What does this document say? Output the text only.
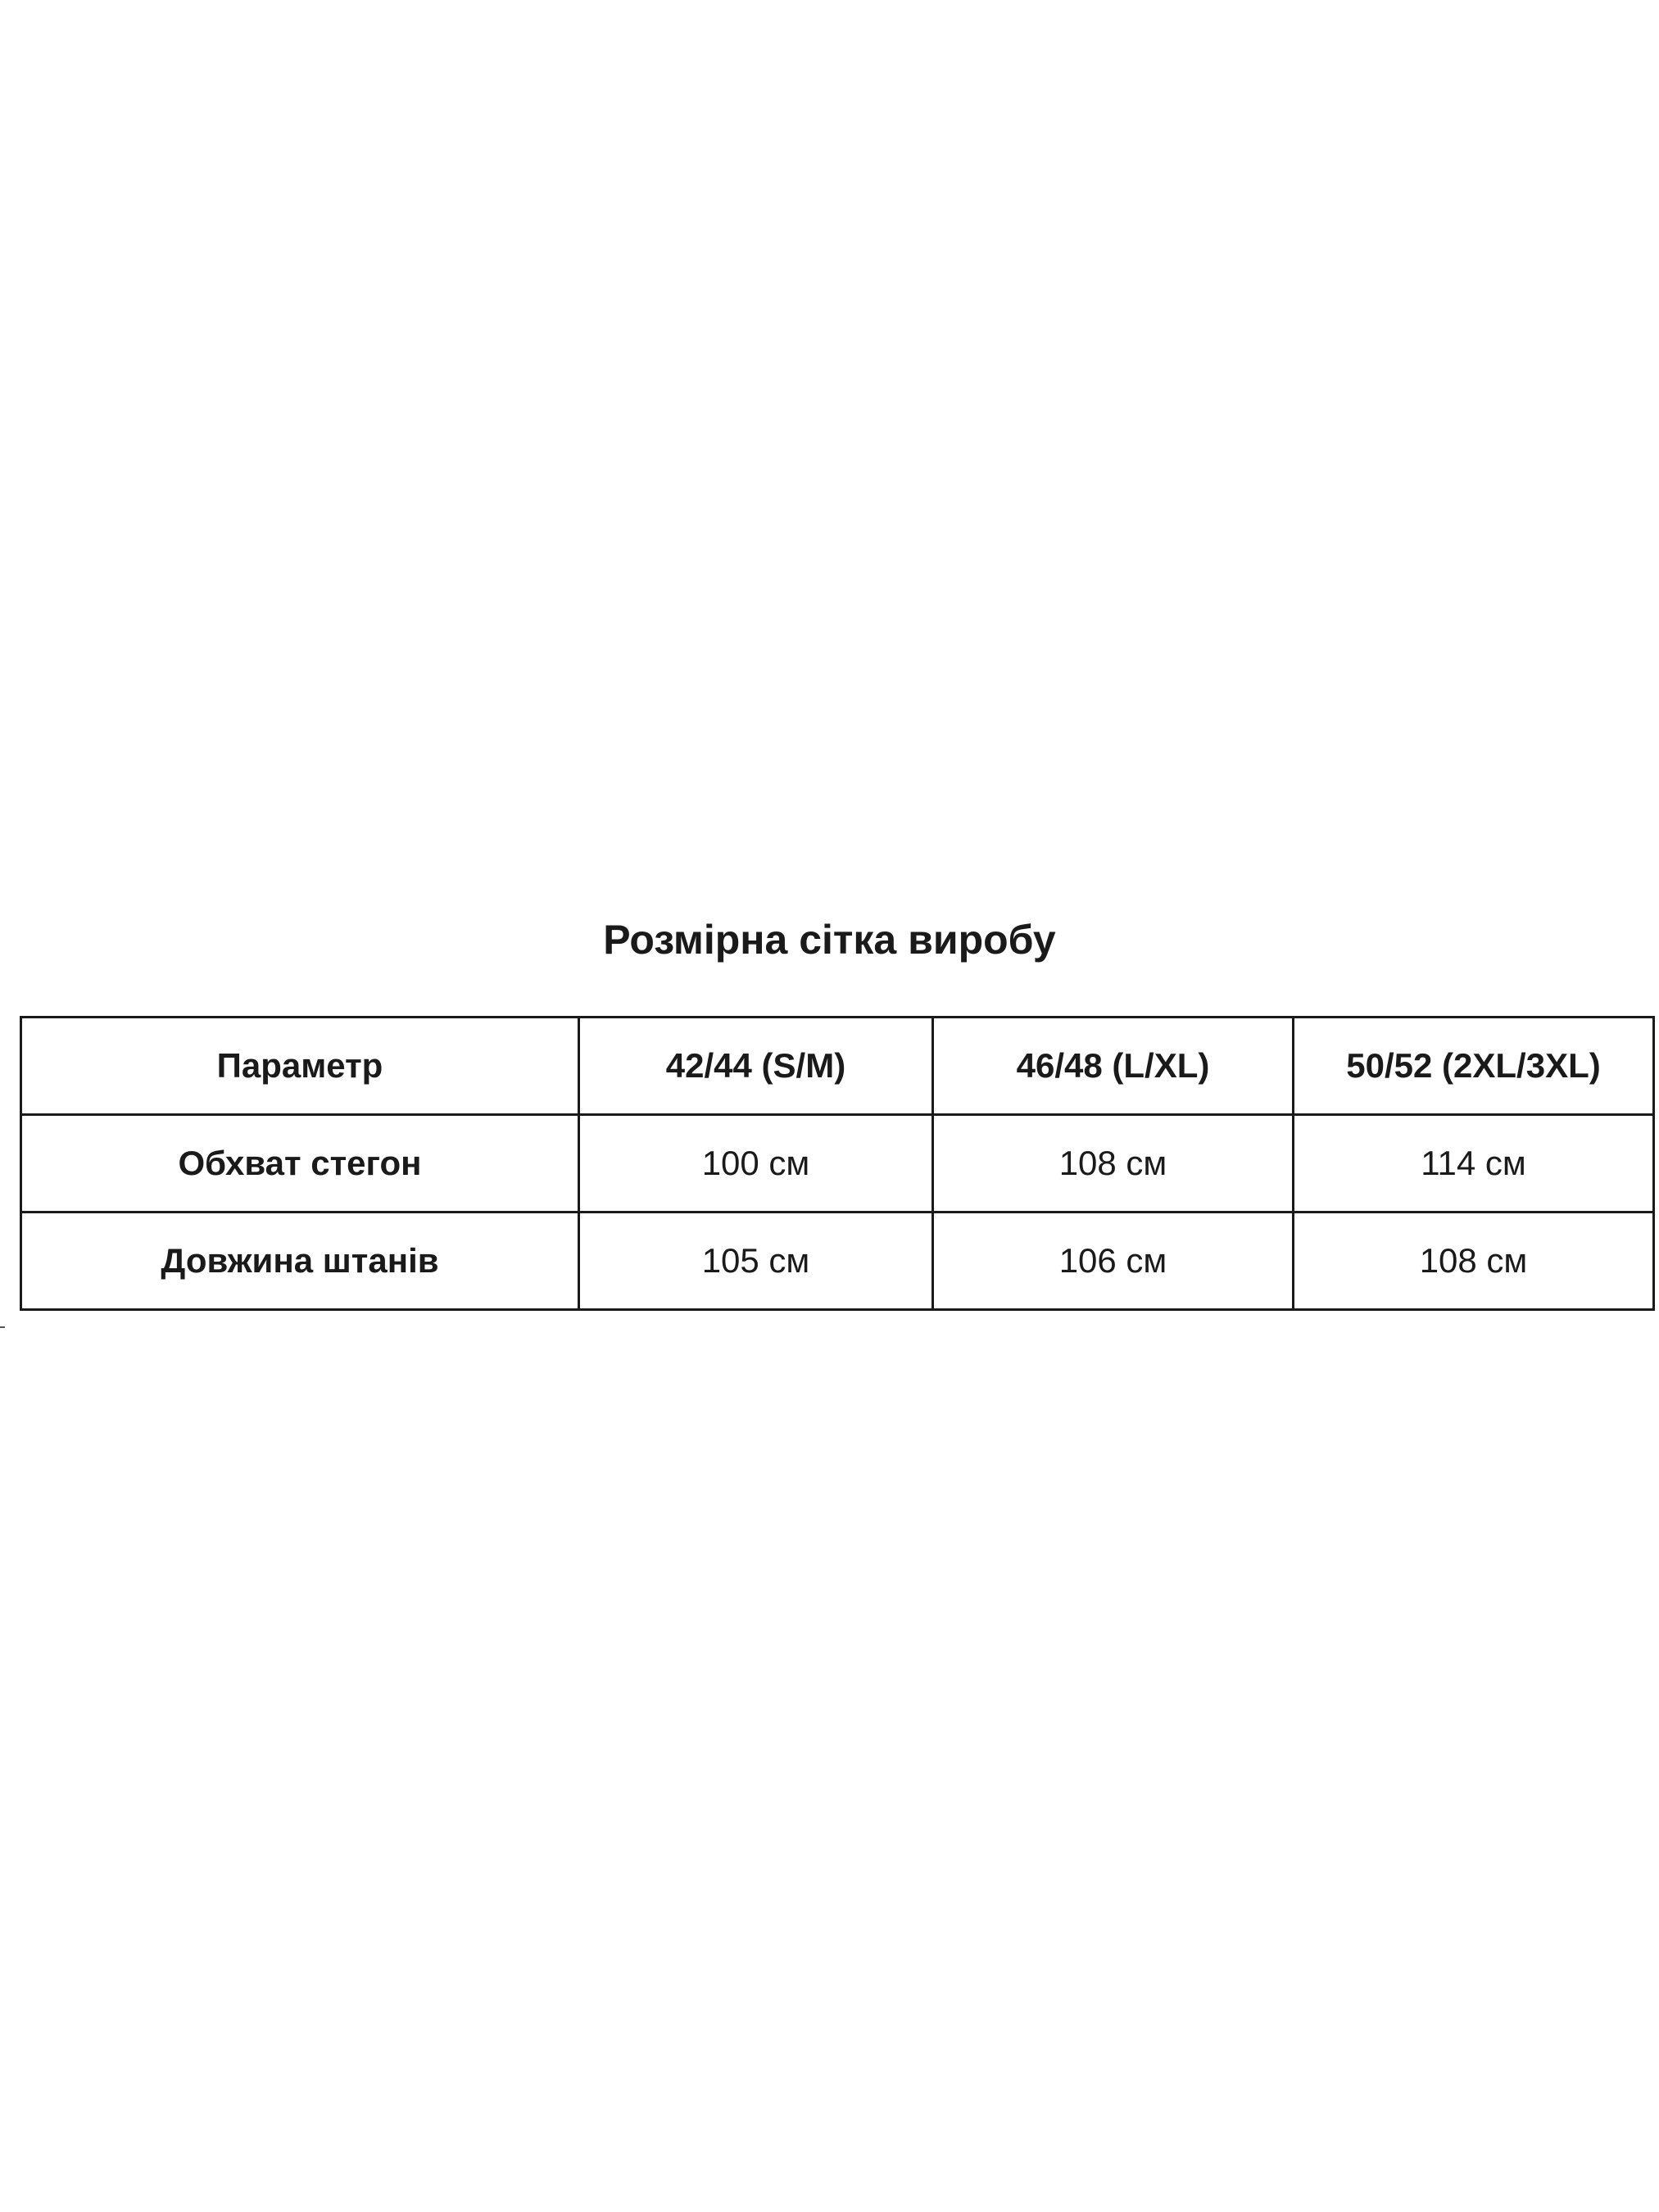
Розмірна сітка виробу
Параметр	42/44 (S/M)	46/48 (L/XL)	50/52 (2XL/3XL)
Обхват стегон	100 см	108 см	114 см
Довжина штанів	105 см	106 см	108 см
